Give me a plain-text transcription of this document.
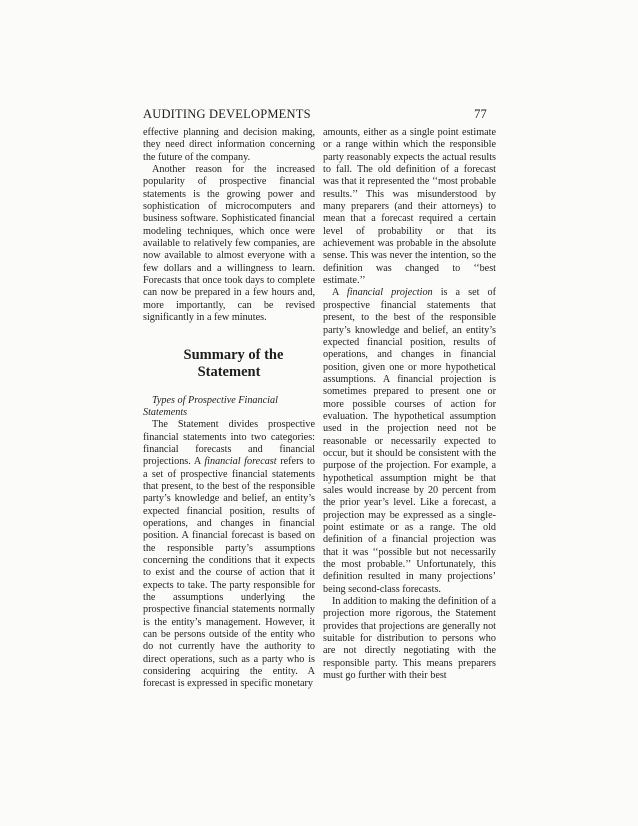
AUDITING DEVELOPMENTS	77

effective planning and decision making, they need direct information concerning the future of the company.

Another reason for the increased popularity of prospective financial statements is the growing power and sophistication of microcomputers and business software. Sophisticated financial modeling techniques, which once were available to relatively few companies, are now available to almost everyone with a few dollars and a willingness to learn. Forecasts that once took days to complete can now be prepared in a few hours and, more importantly, can be revised significantly in a few minutes.

Summary of the Statement

Types of Prospective Financial Statements

The Statement divides prospective financial statements into two categories: financial forecasts and financial projections. A financial forecast refers to a set of prospective financial statements that present, to the best of the responsible party’s knowledge and belief, an entity’s expected financial position, results of operations, and changes in financial position. A financial forecast is based on the responsible party’s assumptions concerning the conditions that it expects to exist and the course of action that it expects to take. The party responsible for the assumptions underlying the prospective financial statements normally is the entity’s management. However, it can be persons outside of the entity who do not currently have the authority to direct operations, such as a party who is considering acquiring the entity. A forecast is expressed in specific monetary

amounts, either as a single point estimate or a range within which the responsible party reasonably expects the actual results to fall. The old definition of a forecast was that it represented the ‘‘most probable results.’’ This was misunderstood by many preparers (and their attorneys) to mean that a forecast required a certain level of probability or that its achievement was probable in the absolute sense. This was never the intention, so the definition was changed to ‘‘best estimate.’’

A financial projection is a set of prospective financial statements that present, to the best of the responsible party’s knowledge and belief, an entity’s expected financial position, results of operations, and changes in financial position, given one or more hypothetical assumptions. A financial projection is sometimes prepared to present one or more possible courses of action for evaluation. The hypothetical assumption used in the projection need not be reasonable or necessarily expected to occur, but it should be consistent with the purpose of the projection. For example, a hypothetical assumption might be that sales would increase by 20 percent from the prior year’s level. Like a forecast, a projection may be expressed as a single-point estimate or as a range. The old definition of a financial projection was that it was ‘‘possible but not necessarily the most probable.’’ Unfortunately, this definition resulted in many projections’ being second-class forecasts.

In addition to making the definition of a projection more rigorous, the Statement provides that projections are generally not suitable for distribution to persons who are not directly negotiating with the responsible party. This means preparers must go further with their best
